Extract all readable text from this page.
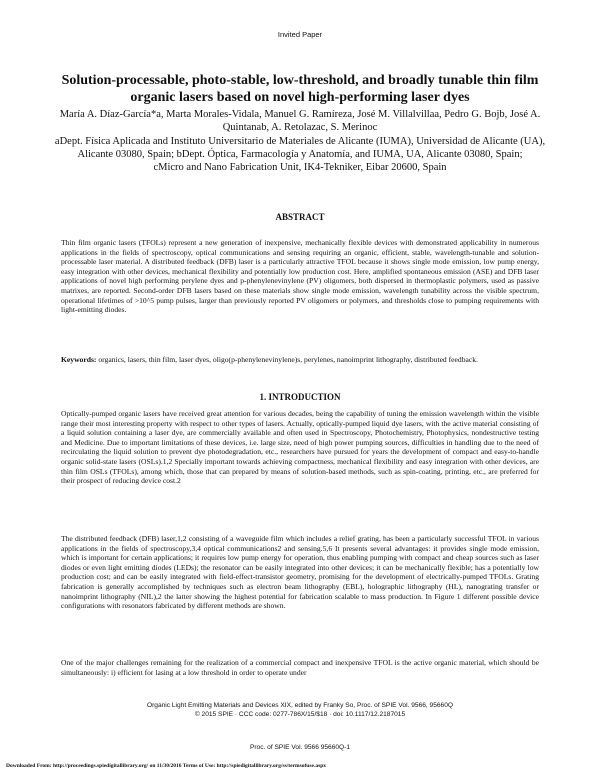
Invited Paper
Solution-processable, photo-stable, low-threshold, and broadly tunable thin film organic lasers based on novel high-performing laser dyes
María A. Díaz-García*a, Marta Morales-Vidala, Manuel G. Ramíreza, José M. Villalvillaa, Pedro G. Bojb, José A. Quintanab, A. Retolazac, S. Merinoc

aDept. Física Aplicada and Instituto Universitario de Materiales de Alicante (IUMA), Universidad de Alicante (UA), Alicante 03080, Spain; bDept. Óptica, Farmacología y Anatomía, and IUMA, UA, Alicante 03080, Spain;

cMicro and Nano Fabrication Unit, IK4-Tekniker, Eibar 20600, Spain

ABSTRACT

Thin film organic lasers (TFOLs) represent a new generation of inexpensive, mechanically flexible devices with demonstrated applicability in numerous applications in the fields of spectroscopy, optical communications and sensing requiring an organic, efficient, stable, wavelength-tunable and solution-processable laser material. A distributed feedback (DFB) laser is a particularly attractive TFOL because it shows single mode emission, low pump energy, easy integration with other devices, mechanical flexibility and potentially low production cost. Here, amplified spontaneous emission (ASE) and DFB laser applications of novel high performing perylene dyes and p-phenylenevinylene (PV) oligomers, both dispersed in thermoplastic polymers, used as passive matrixes, are reported. Second-order DFB lasers based on these materials show single mode emission, wavelength tunability across the visible spectrum, operational lifetimes of >10^5 pump pulses, larger than previously reported PV oligomers or polymers, and thresholds close to pumping requirements with light-emitting diodes.

Keywords: organics, lasers, thin film, laser dyes, oligo(p-phenylenevinylene)s, perylenes, nanoimprint lithography, distributed feedback.

1. INTRODUCTION

Optically-pumped organic lasers have received great attention for various decades, being the capability of tuning the emission wavelength within the visible range their most interesting property with respect to other types of lasers. Actually, optically-pumped liquid dye lasers, with the active material consisting of a liquid solution containing a laser dye, are commercially available and often used in Spectroscopy, Photochemistry, Photophysics, nondestructive testing and Medicine. Due to important limitations of these devices, i.e. large size, need of high power pumping sources, difficulties in handling due to the need of recirculating the liquid solution to prevent dye photodegradation, etc., researchers have pursued for years the development of compact and easy-to-handle organic solid-state lasers (OSLs).1,2 Specially important towards achieving compactness, mechanical flexibility and easy integration with other devices, are thin film OSLs (TFOLs), among which, those that can prepared by means of solution-based methods, such as spin-coating, printing, etc., are preferred for their prospect of reducing device cost.2

The distributed feedback (DFB) laser,1,2 consisting of a waveguide film which includes a relief grating, has been a particularly successful TFOL in various applications in the fields of spectroscopy,3,4 optical communications2 and sensing.5,6 It presents several advantages: it provides single mode emission, which is important for certain applications; it requires low pump energy for operation, thus enabling pumping with compact and cheap sources such as laser diodes or even light emitting diodes (LEDs); the resonator can be easily integrated into other devices; it can be mechanically flexible; has a potentially low production cost; and can be easily integrated with field-effect-transistor geometry, promising for the development of electrically-pumped TFOLs. Grating fabrication is generally accomplished by techniques such as electron beam lithography (EBL), holographic lithography (HL), nanograting transfer or nanoimprint lithography (NIL),2 the latter showing the highest potential for fabrication scalable to mass production. In Figure 1 different possible device configurations with resonators fabricated by different methods are shown.

One of the major challenges remaining for the realization of a commercial compact and inexpensive TFOL is the active organic material, which should be simultaneously: i) efficient for lasing at a low threshold in order to operate under

Organic Light Emitting Materials and Devices XIX, edited by Franky So, Proc. of SPIE Vol. 9566, 95660Q

© 2015 SPIE · CCC code: 0277-786X/15/$18 · doi: 10.1117/12.2187015

Proc. of SPIE Vol. 9566 95660Q-1
Downloaded From: http://proceedings.spiedigitallibrary.org/ on 11/30/2016 Terms of Use: http://spiedigitallibrary.org/ss/termsofuse.aspx
